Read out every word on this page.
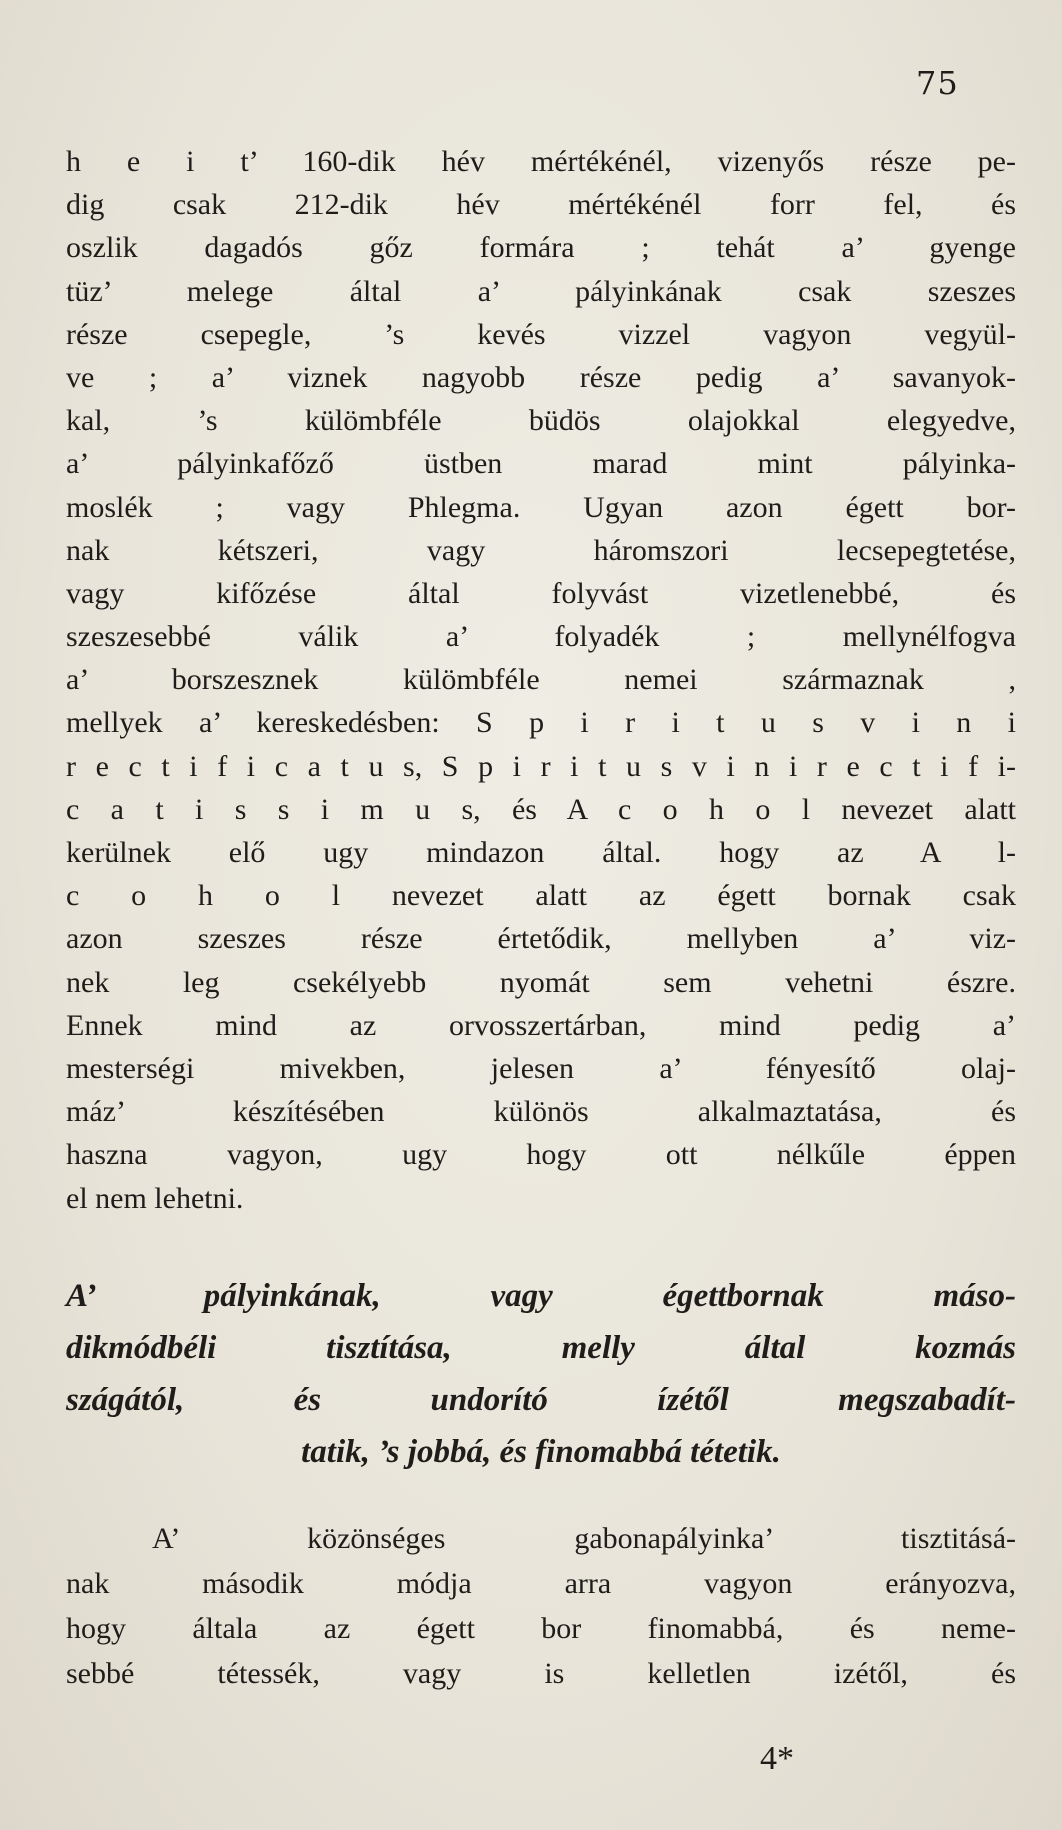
75
h e i t’ 160-dik hév mértékénél, vizenyős része pe-
dig csak 212-dik hév mértékénél forr fel, és
oszlik dagadós gőz formára ; tehát a’ gyenge
tüz’ melege által a’ pályinkának csak szeszes
része csepegle, ’s kevés vizzel vagyon vegyül-
ve ; a’ viznek nagyobb része pedig a’ savanyok-
kal, ’s külömbféle büdös olajokkal elegyedve,
a’ pályinkafőző üstben marad mint pályinka-
moslék ; vagy Phlegma. Ugyan azon égett bor-
nak kétszeri, vagy háromszori lecsepegtetése,
vagy kifőzése által folyvást vizetlenebbé, és
szeszesebbé válik a’ folyadék ; mellynélfogva
a’ borszesznek külömbféle nemei származnak ,
mellyek a’ kereskedésben: S p i r i t u s v i n i
r e c t i f i c a t u s, S p i r i t u s v i n i r e c t i f i-
c a t i s s i m u s, és A c o h o l nevezet alatt
kerülnek elő ugy mindazon által. hogy az A l-
c o h o l nevezet alatt az égett bornak csak
azon szeszes része értetődik, mellyben a’ viz-
nek leg csekélyebb nyomát sem vehetni észre.
Ennek mind az orvosszertárban, mind pedig a’
mesterségi mivekben, jelesen a’ fényesítő olaj-
máz’ készítésében különös alkalmaztatása, és
haszna vagyon, ugy hogy ott nélkűle éppen
el nem lehetni.
A’ pályinkának, vagy égettbornak máso-
dikmódbéli tisztítása, melly által kozmás
szágától, és undorító ízétől megszabadít-
tatik, ’s jobbá, és finomabbá tétetik.
A’ közönséges gabonapályinka’ tisztitásá-
nak második módja arra vagyon erányozva,
hogy általa az égett bor finomabbá, és neme-
sebbé tétessék, vagy is kelletlen izétől, és
4*
